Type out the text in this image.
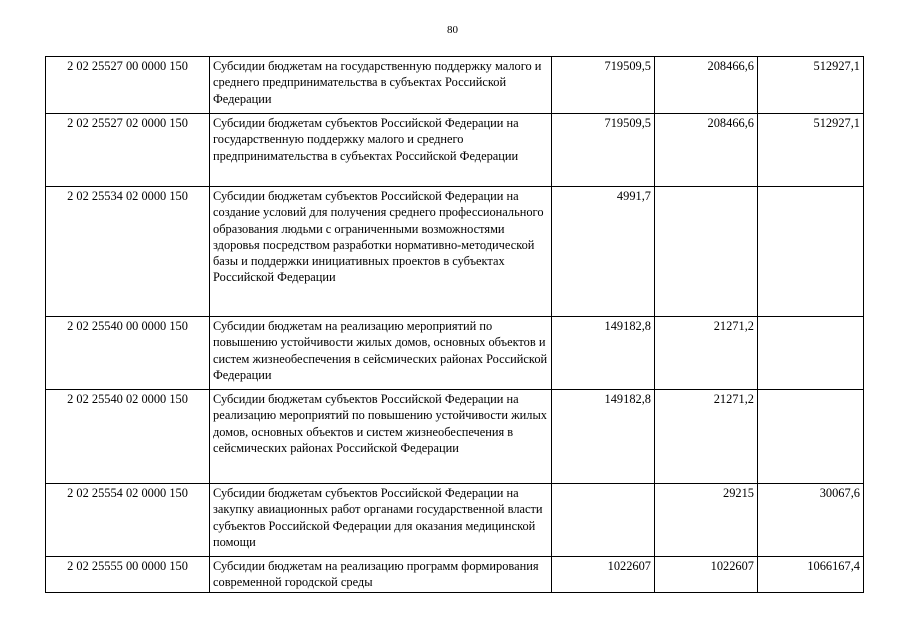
80
2 02 25527 00 0000 150	Субсидии бюджетам на государственную поддержку малого и среднего предпринимательства в субъектах Российской Федерации	719509,5	208466,6	512927,1
2 02 25527 02 0000 150	Субсидии бюджетам субъектов Российской Федерации на государственную поддержку малого и среднего предпринимательства в субъектах Российской Федерации	719509,5	208466,6	512927,1
2 02 25534 02 0000 150	Субсидии бюджетам субъектов Российской Федерации на создание условий для получения среднего профессионального образования людьми с ограниченными возможностями здоровья посредством разработки нормативно-методической базы и поддержки инициативных проектов в субъектах Российской Федерации	4991,7		
2 02 25540 00 0000 150	Субсидии бюджетам на реализацию мероприятий по повышению устойчивости жилых домов, основных объектов и систем жизнеобеспечения в сейсмических районах Российской Федерации	149182,8	21271,2	
2 02 25540 02 0000 150	Субсидии бюджетам субъектов Российской Федерации на реализацию мероприятий по повышению устойчивости жилых домов, основных объектов и систем жизнеобеспечения в сейсмических районах Российской Федерации	149182,8	21271,2	
2 02 25554 02 0000 150	Субсидии бюджетам субъектов Российской Федерации на закупку авиационных работ органами государственной власти субъектов Российской Федерации для оказания медицинской помощи		29215	30067,6
2 02 25555 00 0000 150	Субсидии бюджетам на реализацию программ формирования современной городской среды	1022607	1022607	1066167,4
